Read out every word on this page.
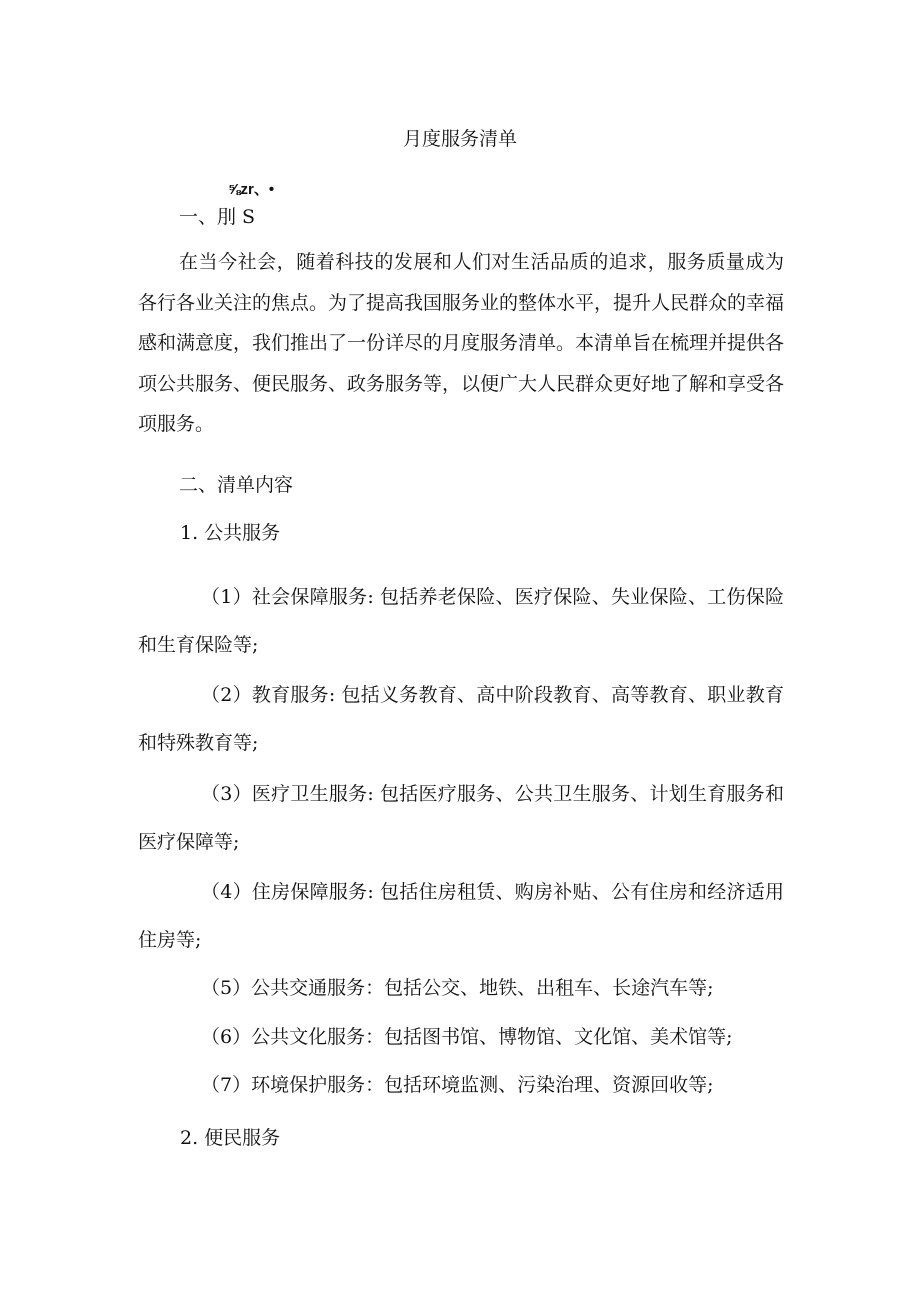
月度服务清单
⅝zr、•
一、刖 S

在当今社会，随着科技的发展和人们对生活品质的追求，服务质量成为各行各业关注的焦点。为了提高我国服务业的整体水平，提升人民群众的幸福感和满意度，我们推出了一份详尽的月度服务清单。本清单旨在梳理并提供各项公共服务、便民服务、政务服务等，以便广大人民群众更好地了解和享受各项服务。

二、清单内容
1. 公共服务

（1）社会保障服务: 包括养老保险、医疗保险、失业保险、工伤保险和生育保险等;

（2）教育服务: 包括义务教育、高中阶段教育、高等教育、职业教育和特殊教育等;

（3）医疗卫生服务: 包括医疗服务、公共卫生服务、计划生育服务和医疗保障等;

（4）住房保障服务: 包括住房租赁、购房补贴、公有住房和经济适用住房等;

（5）公共交通服务：包括公交、地铁、出租车、长途汽车等;

（6）公共文化服务：包括图书馆、博物馆、文化馆、美术馆等;

（7）环境保护服务：包括环境监测、污染治理、资源回收等;

2. 便民服务
